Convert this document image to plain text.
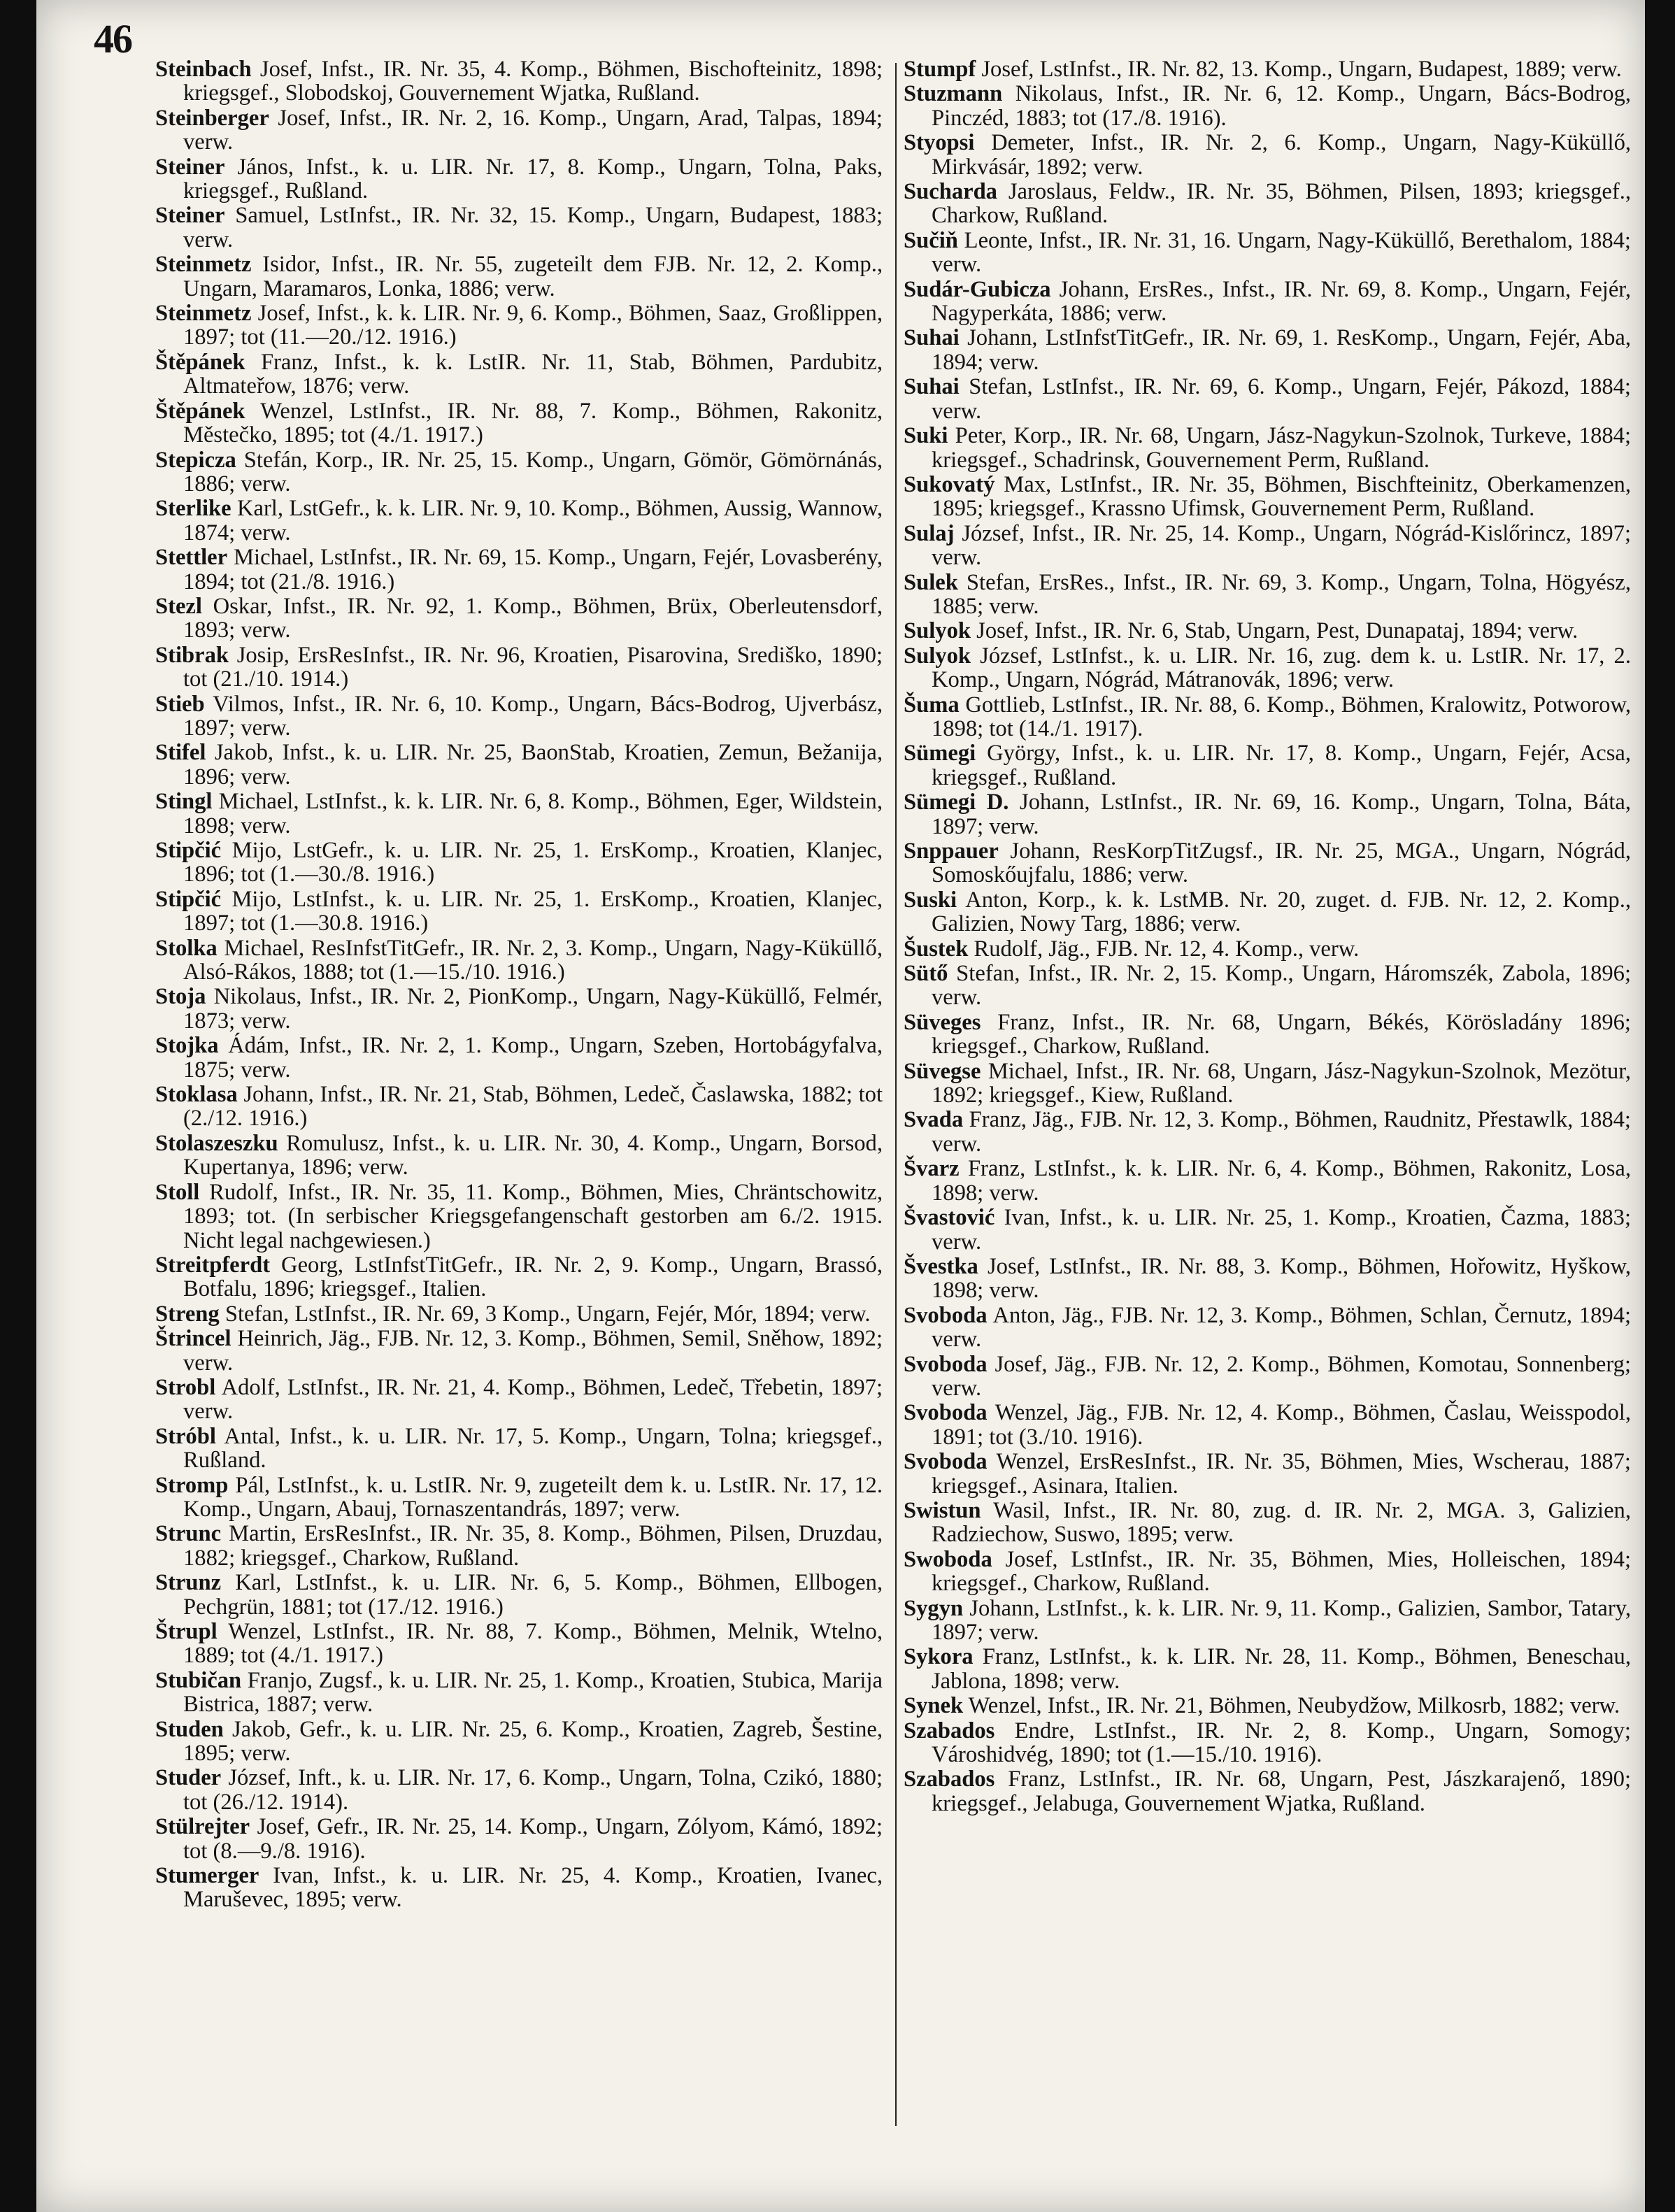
46

Steinbach Josef, Infst., IR. Nr. 35, 4. Komp., Böhmen, Bischofteinitz, 1898; kriegsgef., Slobodskoj, Gouvernement Wjatka, Rußland.

Steinberger Josef, Infst., IR. Nr. 2, 16. Komp., Ungarn, Arad, Talpas, 1894; verw.

Steiner János, Infst., k. u. LIR. Nr. 17, 8. Komp., Ungarn, Tolna, Paks, kriegsgef., Rußland.

Steiner Samuel, LstInfst., IR. Nr. 32, 15. Komp., Ungarn, Budapest, 1883; verw.

Steinmetz Isidor, Infst., IR. Nr. 55, zugeteilt dem FJB. Nr. 12, 2. Komp., Ungarn, Maramaros, Lonka, 1886; verw.

Steinmetz Josef, Infst., k. k. LIR. Nr. 9, 6. Komp., Böhmen, Saaz, Großlippen, 1897; tot (11.—20./12. 1916.)

Štěpánek Franz, Infst., k. k. LstIR. Nr. 11, Stab, Böhmen, Pardubitz, Altmateřow, 1876; verw.

Štěpánek Wenzel, LstInfst., IR. Nr. 88, 7. Komp., Böhmen, Rakonitz, Městečko, 1895; tot (4./1. 1917.)

Stepicza Stefán, Korp., IR. Nr. 25, 15. Komp., Ungarn, Gömör, Gömörnánás, 1886; verw.

Sterlike Karl, LstGefr., k. k. LIR. Nr. 9, 10. Komp., Böhmen, Aussig, Wannow, 1874; verw.

Stettler Michael, LstInfst., IR. Nr. 69, 15. Komp., Ungarn, Fejér, Lovasberény, 1894; tot (21./8. 1916.)

Stezl Oskar, Infst., IR. Nr. 92, 1. Komp., Böhmen, Brüx, Oberleutensdorf, 1893; verw.

Stibrak Josip, ErsResInfst., IR. Nr. 96, Kroatien, Pisarovina, Središko, 1890; tot (21./10. 1914.)

Stieb Vilmos, Infst., IR. Nr. 6, 10. Komp., Ungarn, Bács-Bodrog, Ujverbász, 1897; verw.

Stifel Jakob, Infst., k. u. LIR. Nr. 25, BaonStab, Kroatien, Zemun, Bežanija, 1896; verw.

Stingl Michael, LstInfst., k. k. LIR. Nr. 6, 8. Komp., Böhmen, Eger, Wildstein, 1898; verw.

Stipčić Mijo, LstGefr., k. u. LIR. Nr. 25, 1. ErsKomp., Kroatien, Klanjec, 1896; tot (1.—30./8. 1916.)

Stipčić Mijo, LstInfst., k. u. LIR. Nr. 25, 1. ErsKomp., Kroatien, Klanjec, 1897; tot (1.—30.8. 1916.)

Stolka Michael, ResInfstTitGefr., IR. Nr. 2, 3. Komp., Ungarn, Nagy-Küküllő, Alsó-Rákos, 1888; tot (1.—15./10. 1916.)

Stoja Nikolaus, Infst., IR. Nr. 2, PionKomp., Ungarn, Nagy-Küküllő, Felmér, 1873; verw.

Stojka Ádám, Infst., IR. Nr. 2, 1. Komp., Ungarn, Szeben, Hortobágyfalva, 1875; verw.

Stoklasa Johann, Infst., IR. Nr. 21, Stab, Böhmen, Ledeč, Časlawska, 1882; tot (2./12. 1916.)

Stolaszeszku Romulusz, Infst., k. u. LIR. Nr. 30, 4. Komp., Ungarn, Borsod, Kupertanya, 1896; verw.

Stoll Rudolf, Infst., IR. Nr. 35, 11. Komp., Böhmen, Mies, Chräntschowitz, 1893; tot. (In serbischer Kriegsgefangenschaft gestorben am 6./2. 1915. Nicht legal nachgewiesen.)

Streitpferdt Georg, LstInfstTitGefr., IR. Nr. 2, 9. Komp., Ungarn, Brassó, Botfalu, 1896; kriegsgef., Italien.

Streng Stefan, LstInfst., IR. Nr. 69, 3 Komp., Ungarn, Fejér, Mór, 1894; verw.

Štrincel Heinrich, Jäg., FJB. Nr. 12, 3. Komp., Böhmen, Semil, Sněhow, 1892; verw.

Strobl Adolf, LstInfst., IR. Nr. 21, 4. Komp., Böhmen, Ledeč, Třebetin, 1897; verw.

Stróbl Antal, Infst., k. u. LIR. Nr. 17, 5. Komp., Ungarn, Tolna; kriegsgef., Rußland.

Stromp Pál, LstInfst., k. u. LstIR. Nr. 9, zugeteilt dem k. u. LstIR. Nr. 17, 12. Komp., Ungarn, Abauj, Tornaszentandrás, 1897; verw.

Strunc Martin, ErsResInfst., IR. Nr. 35, 8. Komp., Böhmen, Pilsen, Druzdau, 1882; kriegsgef., Charkow, Rußland.

Strunz Karl, LstInfst., k. u. LIR. Nr. 6, 5. Komp., Böhmen, Ellbogen, Pechgrün, 1881; tot (17./12. 1916.)

Štrupl Wenzel, LstInfst., IR. Nr. 88, 7. Komp., Böhmen, Melnik, Wtelno, 1889; tot (4./1. 1917.)

Stubičan Franjo, Zugsf., k. u. LIR. Nr. 25, 1. Komp., Kroatien, Stubica, Marija Bistrica, 1887; verw.

Studen Jakob, Gefr., k. u. LIR. Nr. 25, 6. Komp., Kroatien, Zagreb, Šestine, 1895; verw.

Studer József, Inft., k. u. LIR. Nr. 17, 6. Komp., Ungarn, Tolna, Czikó, 1880; tot (26./12. 1914).

Stülrejter Josef, Gefr., IR. Nr. 25, 14. Komp., Ungarn, Zólyom, Kámó, 1892; tot (8.—9./8. 1916).

Stumerger Ivan, Infst., k. u. LIR. Nr. 25, 4. Komp., Kroatien, Ivanec, Maruševec, 1895; verw.

Stumpf Josef, LstInfst., IR. Nr. 82, 13. Komp., Ungarn, Budapest, 1889; verw.

Stuzmann Nikolaus, Infst., IR. Nr. 6, 12. Komp., Ungarn, Bács-Bodrog, Pinczéd, 1883; tot (17./8. 1916).

Styopsi Demeter, Infst., IR. Nr. 2, 6. Komp., Ungarn, Nagy-Küküllő, Mirkvásár, 1892; verw.

Sucharda Jaroslaus, Feldw., IR. Nr. 35, Böhmen, Pilsen, 1893; kriegsgef., Charkow, Rußland.

Sučiň Leonte, Infst., IR. Nr. 31, 16. Ungarn, Nagy-Küküllő, Berethalom, 1884; verw.

Sudár-Gubicza Johann, ErsRes., Infst., IR. Nr. 69, 8. Komp., Ungarn, Fejér, Nagyperkáta, 1886; verw.

Suhai Johann, LstInfstTitGefr., IR. Nr. 69, 1. ResKomp., Ungarn, Fejér, Aba, 1894; verw.

Suhai Stefan, LstInfst., IR. Nr. 69, 6. Komp., Ungarn, Fejér, Pákozd, 1884; verw.

Suki Peter, Korp., IR. Nr. 68, Ungarn, Jász-Nagykun-Szolnok, Turkeve, 1884; kriegsgef., Schadrinsk, Gouvernement Perm, Rußland.

Sukovatý Max, LstInfst., IR. Nr. 35, Böhmen, Bischfteinitz, Oberkamenzen, 1895; kriegsgef., Krassno Ufimsk, Gouvernement Perm, Rußland.

Sulaj József, Infst., IR. Nr. 25, 14. Komp., Ungarn, Nógrád-Kislőrincz, 1897; verw.

Sulek Stefan, ErsRes., Infst., IR. Nr. 69, 3. Komp., Ungarn, Tolna, Högyész, 1885; verw.

Sulyok Josef, Infst., IR. Nr. 6, Stab, Ungarn, Pest, Dunapataj, 1894; verw.

Sulyok József, LstInfst., k. u. LIR. Nr. 16, zug. dem k. u. LstIR. Nr. 17, 2. Komp., Ungarn, Nógrád, Mátranovák, 1896; verw.

Šuma Gottlieb, LstInfst., IR. Nr. 88, 6. Komp., Böhmen, Kralowitz, Potworow, 1898; tot (14./1. 1917).

Sümegi György, Infst., k. u. LIR. Nr. 17, 8. Komp., Ungarn, Fejér, Acsa, kriegsgef., Rußland.

Sümegi D. Johann, LstInfst., IR. Nr. 69, 16. Komp., Ungarn, Tolna, Báta, 1897; verw.

Snppauer Johann, ResKorpTitZugsf., IR. Nr. 25, MGA., Ungarn, Nógrád, Somoskőujfalu, 1886; verw.

Suski Anton, Korp., k. k. LstMB. Nr. 20, zuget. d. FJB. Nr. 12, 2. Komp., Galizien, Nowy Targ, 1886; verw.

Šustek Rudolf, Jäg., FJB. Nr. 12, 4. Komp., verw.

Sütő Stefan, Infst., IR. Nr. 2, 15. Komp., Ungarn, Háromszék, Zabola, 1896; verw.

Süveges Franz, Infst., IR. Nr. 68, Ungarn, Békés, Körösladány 1896; kriegsgef., Charkow, Rußland.

Süvegse Michael, Infst., IR. Nr. 68, Ungarn, Jász-Nagykun-Szolnok, Mezötur, 1892; kriegsgef., Kiew, Rußland.

Svada Franz, Jäg., FJB. Nr. 12, 3. Komp., Böhmen, Raudnitz, Přestawlk, 1884; verw.

Švarz Franz, LstInfst., k. k. LIR. Nr. 6, 4. Komp., Böhmen, Rakonitz, Losa, 1898; verw.

Švastović Ivan, Infst., k. u. LIR. Nr. 25, 1. Komp., Kroatien, Čazma, 1883; verw.

Švestka Josef, LstInfst., IR. Nr. 88, 3. Komp., Böhmen, Hořowitz, Hyškow, 1898; verw.

Svoboda Anton, Jäg., FJB. Nr. 12, 3. Komp., Böhmen, Schlan, Černutz, 1894; verw.

Svoboda Josef, Jäg., FJB. Nr. 12, 2. Komp., Böhmen, Komotau, Sonnenberg; verw.

Svoboda Wenzel, Jäg., FJB. Nr. 12, 4. Komp., Böhmen, Časlau, Weisspodol, 1891; tot (3./10. 1916).

Svoboda Wenzel, ErsResInfst., IR. Nr. 35, Böhmen, Mies, Wscherau, 1887; kriegsgef., Asinara, Italien.

Swistun Wasil, Infst., IR. Nr. 80, zug. d. IR. Nr. 2, MGA. 3, Galizien, Radziechow, Suswo, 1895; verw.

Swoboda Josef, LstInfst., IR. Nr. 35, Böhmen, Mies, Holleischen, 1894; kriegsgef., Charkow, Rußland.

Sygyn Johann, LstInfst., k. k. LIR. Nr. 9, 11. Komp., Galizien, Sambor, Tatary, 1897; verw.

Sykora Franz, LstInfst., k. k. LIR. Nr. 28, 11. Komp., Böhmen, Beneschau, Jablona, 1898; verw.

Synek Wenzel, Infst., IR. Nr. 21, Böhmen, Neubydžow, Milkosrb, 1882; verw.

Szabados Endre, LstInfst., IR. Nr. 2, 8. Komp., Ungarn, Somogy; Városhidvég, 1890; tot (1.—15./10. 1916).

Szabados Franz, LstInfst., IR. Nr. 68, Ungarn, Pest, Jászkarajenő, 1890; kriegsgef., Jelabuga, Gouvernement Wjatka, Rußland.
